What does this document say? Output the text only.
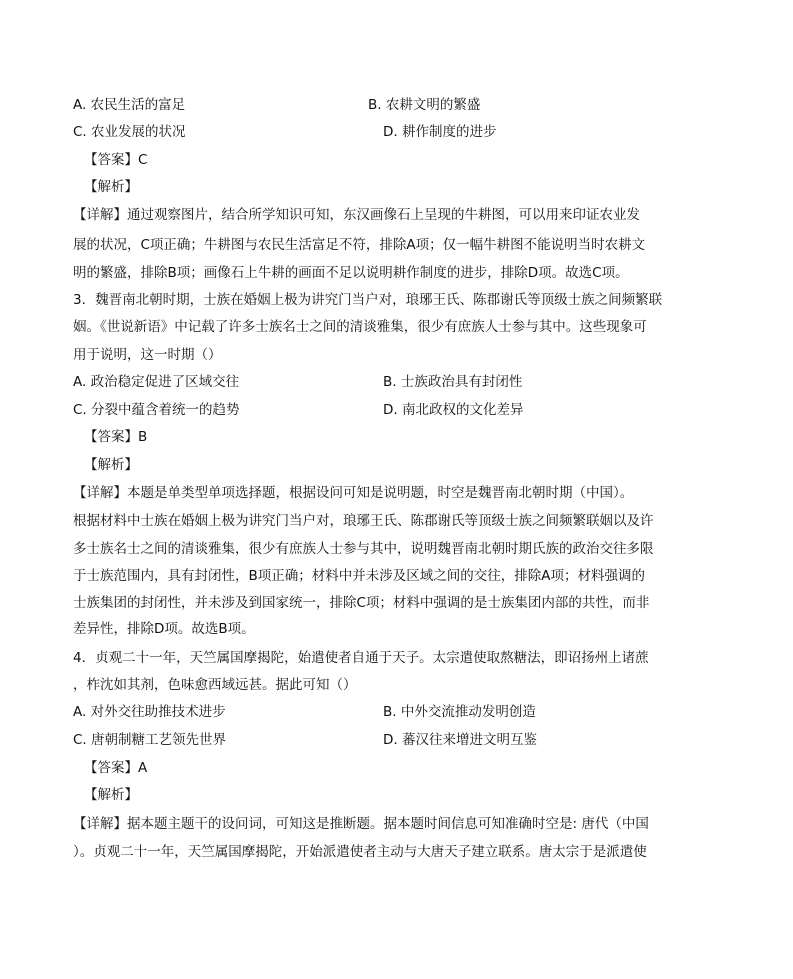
A. 农民生活的富足	B. 农耕文明的繁盛
C. 农业发展的状况	D. 耕作制度的进步
【答案】C
【解析】
【详解】通过观察图片，结合所学知识可知，东汉画像石上呈现的牛耕图，可以用来印证农业发
展的状况，C项正确；牛耕图与农民生活富足不符，排除A项；仅一幅牛耕图不能说明当时农耕文
明的繁盛，排除B项；画像石上牛耕的画面不足以说明耕作制度的进步，排除D项。故选C项。
3．魏晋南北朝时期，士族在婚姻上极为讲究门当户对，琅琊王氏、陈郡谢氏等顶级士族之间频繁联
姻。《世说新语》中记载了许多士族名士之间的清谈雅集，很少有庶族人士参与其中。这些现象可
用于说明，这一时期（）
A. 政治稳定促进了区域交往	B. 士族政治具有封闭性
C. 分裂中蕴含着统一的趋势	D. 南北政权的文化差异
【答案】B
【解析】
【详解】本题是单类型单项选择题，根据设问可知是说明题，时空是魏晋南北朝时期（中国）。
根据材料中士族在婚姻上极为讲究门当户对，琅琊王氏、陈郡谢氏等顶级士族之间频繁联姻以及许
多士族名士之间的清谈雅集，很少有庶族人士参与其中，说明魏晋南北朝时期氏族的政治交往多限
于士族范围内，具有封闭性，B项正确；材料中并未涉及区域之间的交往，排除A项；材料强调的
士族集团的封闭性，并未涉及到国家统一，排除C项；材料中强调的是士族集团内部的共性，而非
差异性，排除D项。故选B项。
4．贞观二十一年，天竺属国摩揭陀，始遣使者自通于天子。太宗遣使取熬糖法，即诏扬州上诸蔗
，柞沈如其剂，色味愈西域远甚。据此可知（）
A. 对外交往助推技术进步	B. 中外交流推动发明创造
C. 唐朝制糖工艺领先世界	D. 蕃汉往来增进文明互鉴
【答案】A
【解析】
【详解】据本题主题干的设问词，可知这是推断题。据本题时间信息可知准确时空是: 唐代（中国
）。贞观二十一年，天竺属国摩揭陀，开始派遣使者主动与大唐天子建立联系。唐太宗于是派遣使
